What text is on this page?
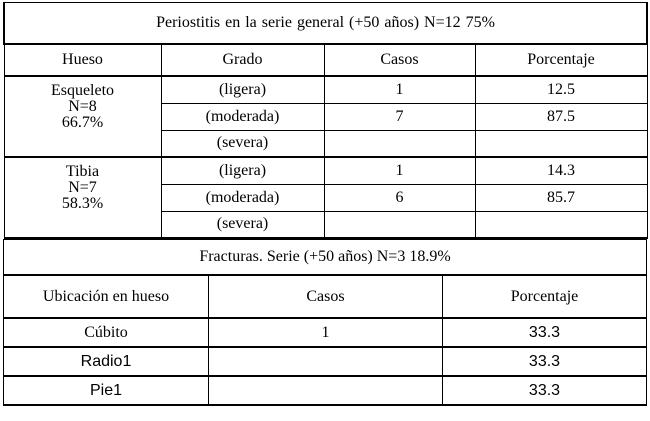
Periostitis en la serie general (+50 años) N=12 75%			
Hueso	Grado	Casos	Porcentaje

Esqueleto
N=8
66.7%	(ligera)	1	12.5
	(moderada)	7	87.5
	(severa)		

Tibia
N=7
58.3%	(ligera)	1	14.3
	(moderada)	6	85.7
	(severa)		
Fracturas. Serie (+50 años) N=3 18.9%		
Ubicación en hueso	Casos	Porcentaje
Cúbito	1	33.3
Radio1		33.3
Pie1		33.3
